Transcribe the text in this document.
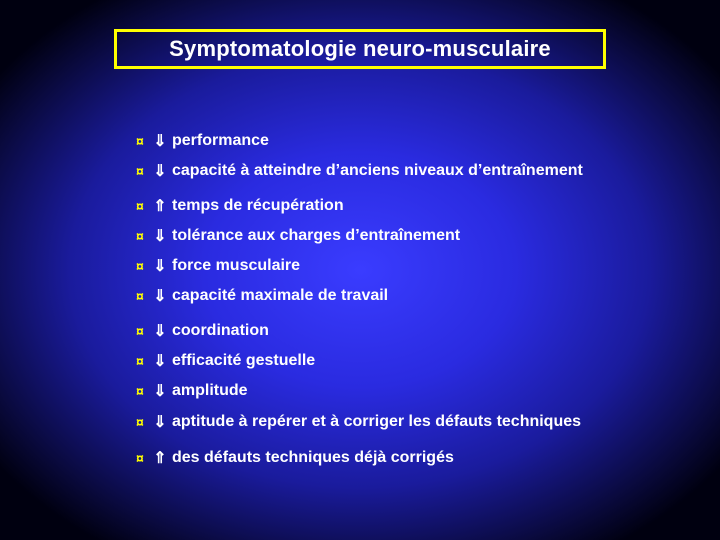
Symptomatologie neuro-musculaire
¤ ⇓ performance
¤ ⇓ capacité à atteindre d’anciens niveaux d’entraînement
¤ ⇑ temps de récupération
¤ ⇓ tolérance aux charges d’entraînement
¤ ⇓ force musculaire
¤ ⇓ capacité maximale de travail
¤ ⇓ coordination
¤ ⇓ efficacité gestuelle
¤ ⇓ amplitude
¤ ⇓ aptitude à repérer et à corriger les défauts techniques
¤ ⇑ des défauts techniques déjà corrigés
